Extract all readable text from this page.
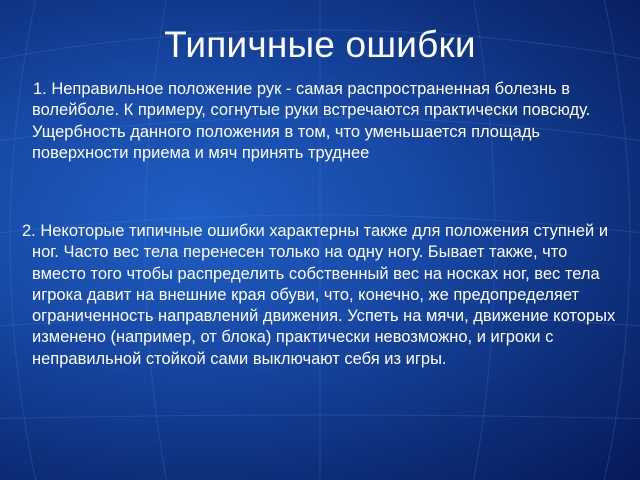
Типичные ошибки

1. Неправильное положение рук - самая распространенная болезнь в волейболе. К примеру, согнутые руки встречаются практически повсюду. Ущербность данного положения в том, что уменьшается площадь поверхности приема и мяч принять труднее

2. Некоторые типичные ошибки характерны также для положения ступней и ног. Часто вес тела перенесен только на одну ногу. Бывает также, что вместо того чтобы распределить собственный вес на носках ног, вес тела игрока давит на внешние края обуви, что, конечно, же предопределяет ограниченность направлений движения. Успеть на мячи, движение которых изменено (например, от блока) практически невозможно, и игроки с неправильной стойкой сами выключают себя из игры.
